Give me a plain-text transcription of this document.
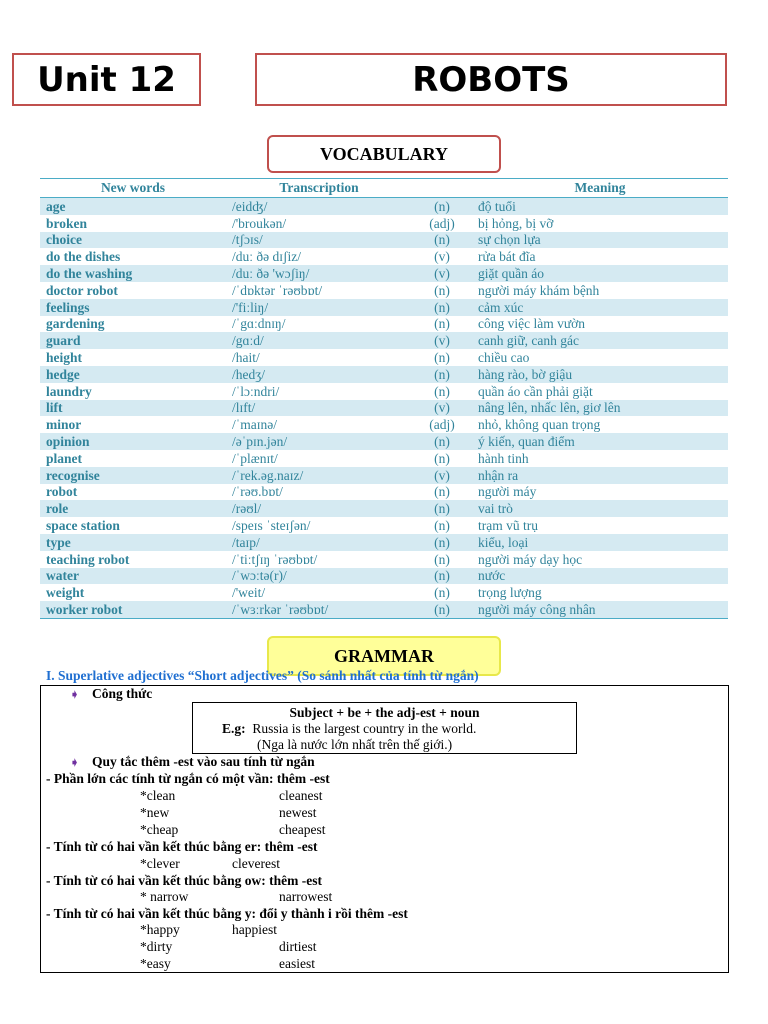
Unit 12	ROBOTS
VOCABULARY
New words	Transcription		Meaning
age	/eidʤ/	(n)	độ tuổi
broken	/'broukən/	(adj)	bị hỏng, bị vỡ
choice	/tʃɔɪs/	(n)	sự chọn lựa
do the dishes	/duː ðə dɪʃiz/	(v)	rửa bát đĩa
do the washing	/duː ðə 'wɔʃiŋ/	(v)	giặt quần áo
doctor robot	/ˈdɒktər ˈrəʊbɒt/	(n)	người máy khám bệnh
feelings	/'fiːliŋ/	(n)	cảm xúc
gardening	/ˈgɑːdnɪŋ/	(n)	công việc làm vườn
guard	/gɑːd/	(v)	canh giữ, canh gác
height	/hait/	(n)	chiều cao
hedge	/hedʒ/	(n)	hàng rào, bờ giậu
laundry	/ˈlɔːndri/	(n)	quần áo cần phải giặt
lift	/lɪft/	(v)	nâng lên, nhấc lên, giơ lên
minor	/ˈmaɪnə/	(adj)	nhỏ, không quan trọng
opinion	/əˈpɪn.jən/	(n)	ý kiến, quan điểm
planet	/ˈplænɪt/	(n)	hành tinh
recognise	/ˈrek.əg.naɪz/	(v)	nhận ra
robot	/ˈrəʊ.bɒt/	(n)	người máy
role	/rəʊl/	(n)	vai trò
space station	/speɪs ˈsteɪʃən/	(n)	trạm vũ trụ
type	/taɪp/	(n)	kiểu, loại
teaching robot	/ˈtiːtʃɪŋ ˈrəʊbɒt/	(n)	người máy dạy học
water	/ˈwɔːtə(r)/	(n)	nước
weight	/'weit/	(n)	trọng lượng
worker robot	/ˈwɜːrkər ˈrəʊbɒt/	(n)	người máy công nhân
GRAMMAR
I. Superlative adjectives “Short adjectives” (So sánh nhất của tính từ ngắn)
➧ Công thức
Subject + be + the adj-est + noun
E.g: Russia is the largest country in the world.
(Nga là nước lớn nhất trên thế giới.)
➧ Quy tắc thêm -est vào sau tính từ ngắn
- Phần lớn các tính từ ngắn có một vần: thêm -est
*clean	cleanest
*new	newest
*cheap	cheapest
- Tính từ có hai vần kết thúc bằng er: thêm -est
*clever	cleverest
- Tính từ có hai vần kết thúc bằng ow: thêm -est
* narrow	narrowest
- Tính từ có hai vần kết thúc bằng y: đổi y thành i rồi thêm -est
*happy	happiest
*dirty	dirtiest
*easy	easiest
